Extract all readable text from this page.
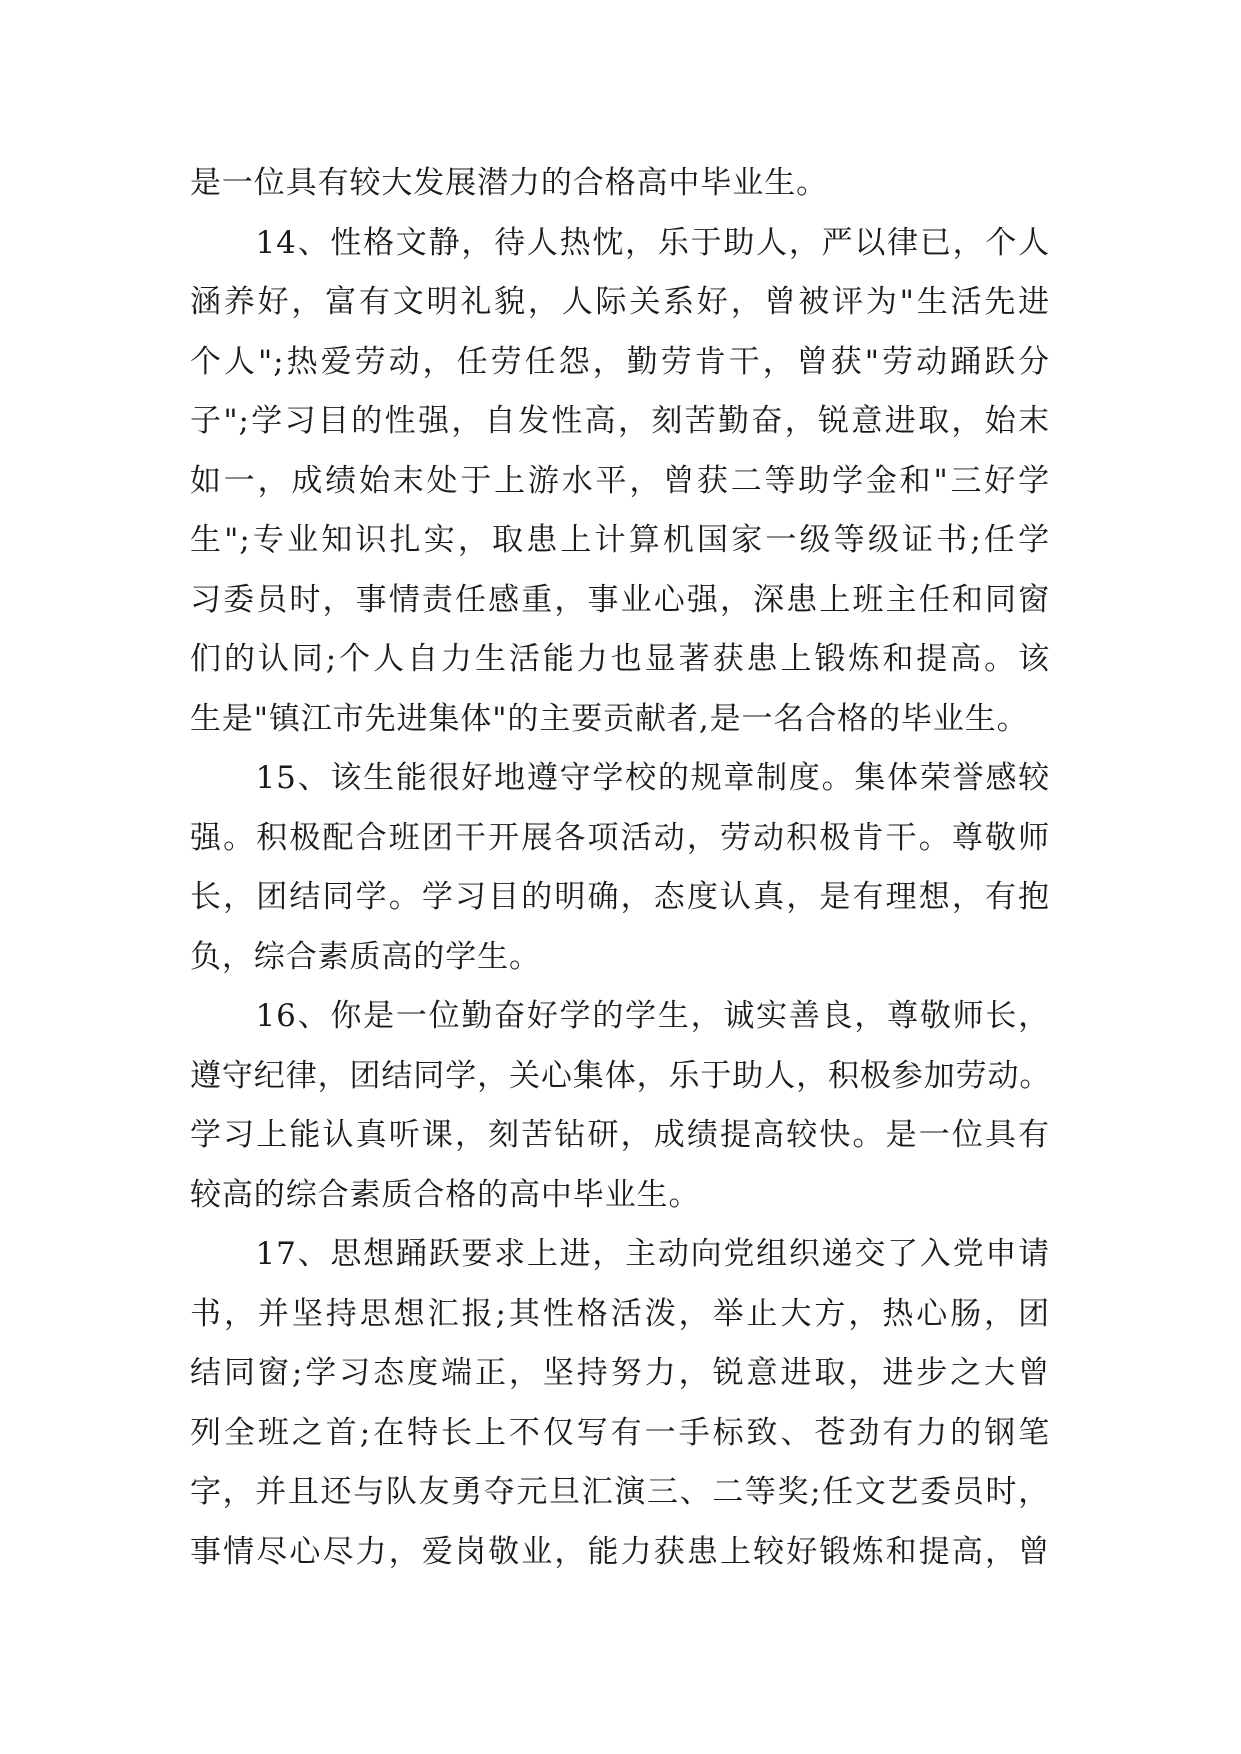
是一位具有较大发展潜力的合格高中毕业生。
　　14、性格文静，待人热忱，乐于助人，严以律已，个人
涵养好，富有文明礼貌，人际关系好，曾被评为"生活先进
个人";热爱劳动，任劳任怨，勤劳肯干，曾获"劳动踊跃分
子";学习目的性强，自发性高，刻苦勤奋，锐意进取，始末
如一，成绩始末处于上游水平，曾获二等助学金和"三好学
生";专业知识扎实，取患上计算机国家一级等级证书;任学
习委员时，事情责任感重，事业心强，深患上班主任和同窗
们的认同;个人自力生活能力也显著获患上锻炼和提高。该
生是"镇江市先进集体"的主要贡献者,是一名合格的毕业生。
　　15、该生能很好地遵守学校的规章制度。集体荣誉感较
强。积极配合班团干开展各项活动，劳动积极肯干。尊敬师
长，团结同学。学习目的明确，态度认真，是有理想，有抱
负，综合素质高的学生。
　　16、你是一位勤奋好学的学生，诚实善良，尊敬师长，
遵守纪律，团结同学，关心集体，乐于助人，积极参加劳动。
学习上能认真听课，刻苦钻研，成绩提高较快。是一位具有
较高的综合素质合格的高中毕业生。
　　17、思想踊跃要求上进，主动向党组织递交了入党申请
书，并坚持思想汇报;其性格活泼，举止大方，热心肠，团
结同窗;学习态度端正，坚持努力，锐意进取，进步之大曾
列全班之首;在特长上不仅写有一手标致、苍劲有力的钢笔
字，并且还与队友勇夺元旦汇演三、二等奖;任文艺委员时，
事情尽心尽力，爱岗敬业，能力获患上较好锻炼和提高，曾
